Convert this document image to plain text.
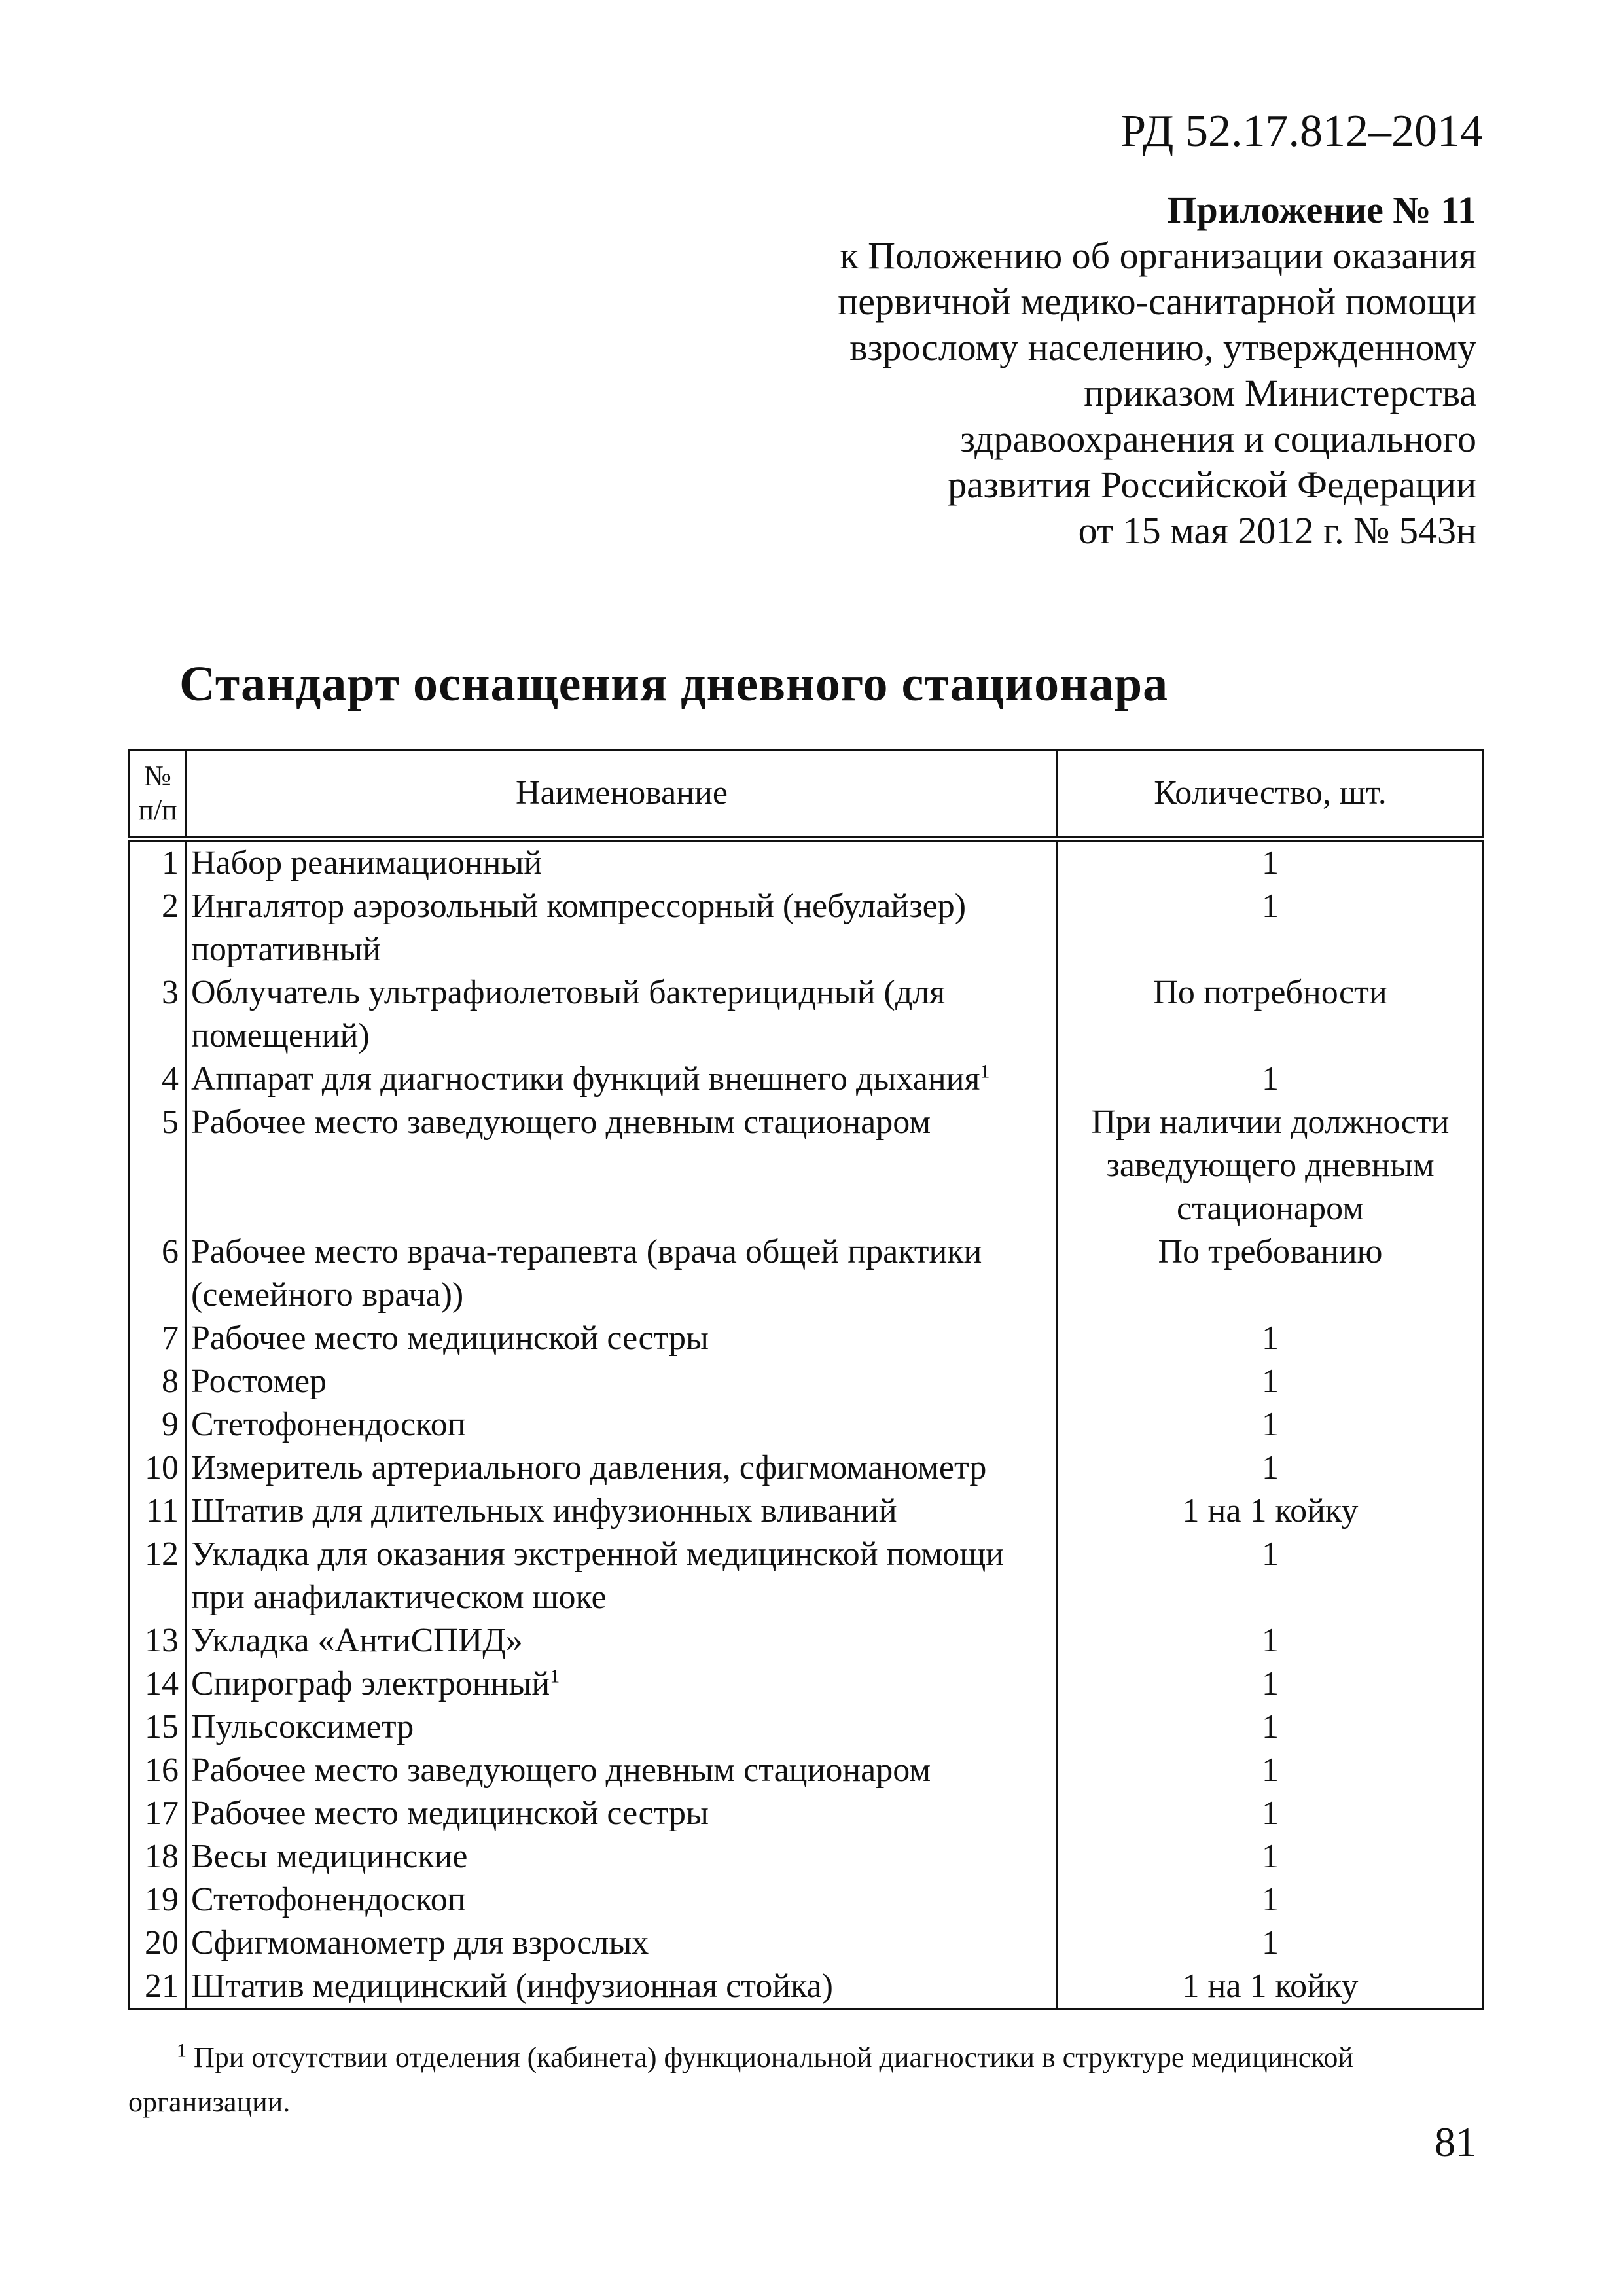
РД 52.17.812–2014
Приложение № 11
к Положению об организации оказания
первичной медико-санитарной помощи
взрослому населению, утвержденному
приказом Министерства
здравоохранения и социального
развития Российской Федерации
от 15 мая 2012 г. № 543н
Стандарт оснащения дневного стационара
№
п/п	Наименование	Количество, шт.
1	Набор реанимационный	1
2	Ингалятор аэрозольный компрессорный (небулайзер) портативный	1
3	Облучатель ультрафиолетовый бактерицидный (для помещений)	По потребности
4	Аппарат для диагностики функций внешнего дыхания$^1$	1
5	Рабочее место заведующего дневным стационаром	При наличии должности заведующего дневным стационаром
6	Рабочее место врача-терапевта (врача общей практики (семейного врача))	По требованию
7	Рабочее место медицинской сестры	1
8	Ростомер	1
9	Стетофонендоскоп	1
10	Измеритель артериального давления, сфигмоманометр	1
11	Штатив для длительных инфузионных вливаний	1 на 1 койку
12	Укладка для оказания экстренной медицинской помощи при анафилактическом шоке	1
13	Укладка «АнтиСПИД»	1
14	Спирограф электронный$^1$	1
15	Пульсоксиметр	1
16	Рабочее место заведующего дневным стационаром	1
17	Рабочее место медицинской сестры	1
18	Весы медицинские	1
19	Стетофонендоскоп	1
20	Сфигмоманометр для взрослых	1
21	Штатив медицинский (инфузионная стойка)	1 на 1 койку
$^1$ При отсутствии отделения (кабинета) функциональной диагностики в структуре медицинской организации.
81
